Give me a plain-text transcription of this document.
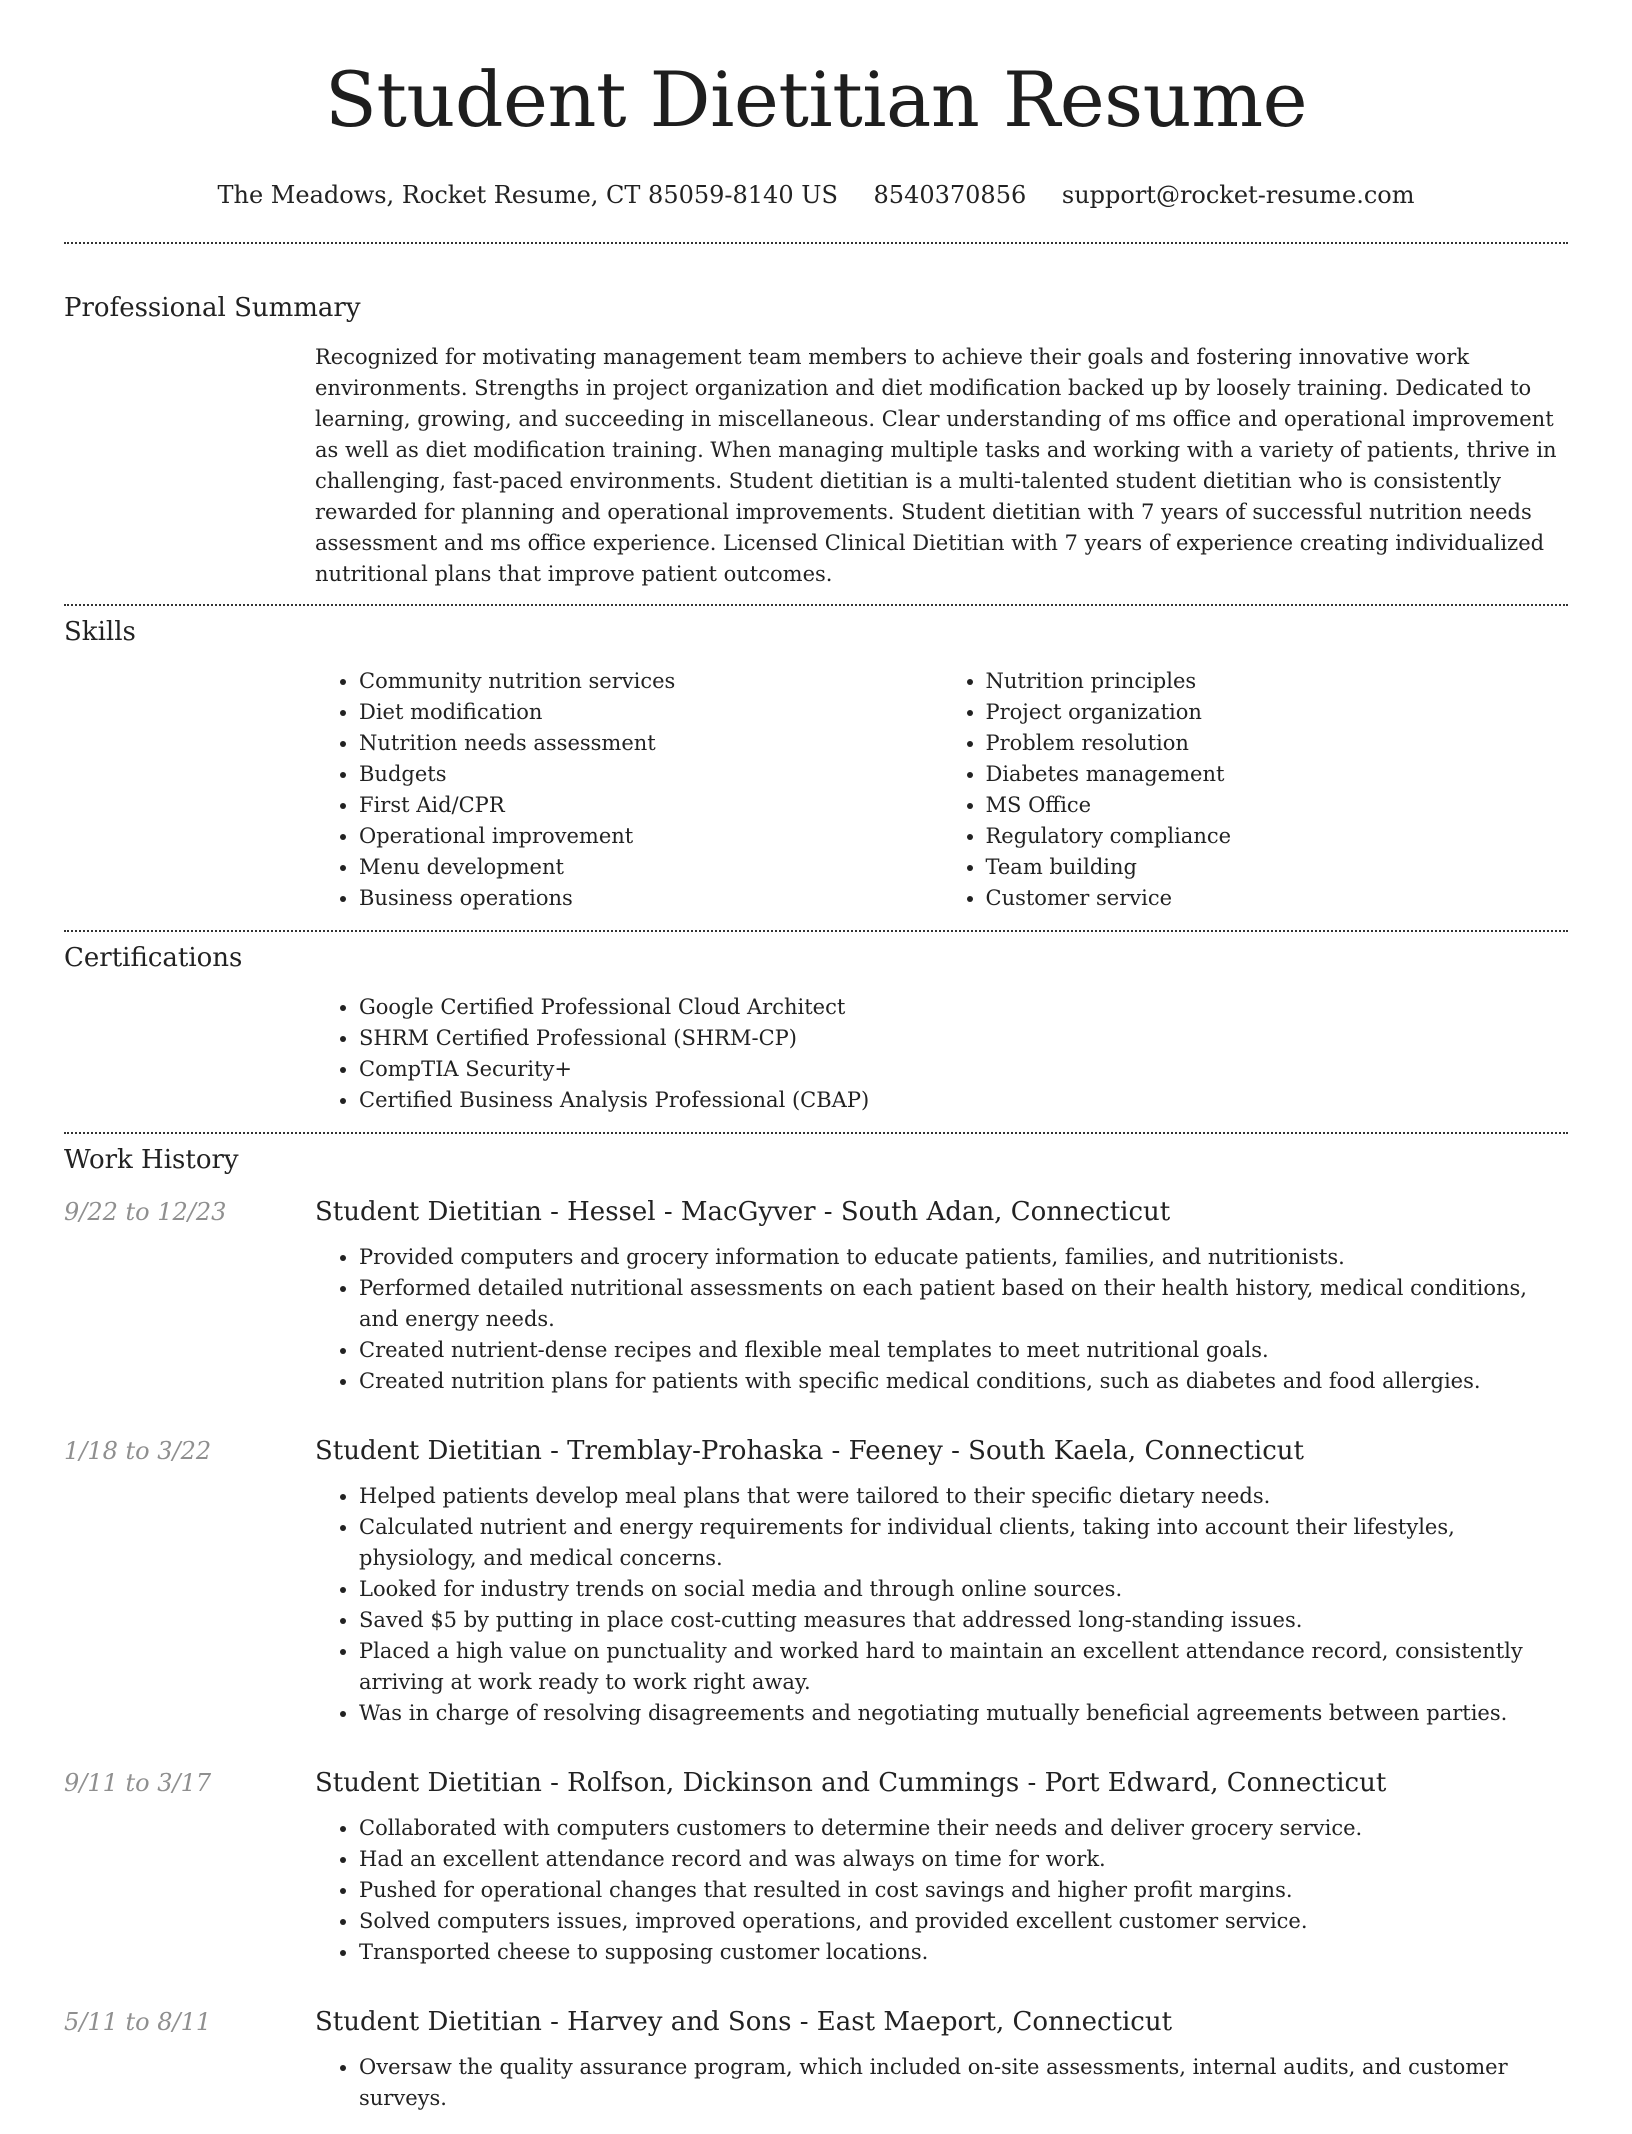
Student Dietitian Resume
The Meadows, Rocket Resume, CT 85059-8140 US 8540370856 support@rocket-resume.com
Professional Summary

Recognized for motivating management team members to achieve their goals and fostering innovative work environments. Strengths in project organization and diet modification backed up by loosely training. Dedicated to learning, growing, and succeeding in miscellaneous. Clear understanding of ms office and operational improvement as well as diet modification training. When managing multiple tasks and working with a variety of patients, thrive in challenging, fast-paced environments. Student dietitian is a multi-talented student dietitian who is consistently rewarded for planning and operational improvements. Student dietitian with 7 years of successful nutrition needs assessment and ms office experience. Licensed Clinical Dietitian with 7 years of experience creating individualized nutritional plans that improve patient outcomes.

Skills
• Community nutrition services
• Diet modification
• Nutrition needs assessment
• Budgets
• First Aid/CPR
• Operational improvement
• Menu development
• Business operations
• Nutrition principles
• Project organization
• Problem resolution
• Diabetes management
• MS Office
• Regulatory compliance
• Team building
• Customer service
Certifications
• Google Certified Professional Cloud Architect
• SHRM Certified Professional (SHRM-CP)
• CompTIA Security+
• Certified Business Analysis Professional (CBAP)
Work History
9/22 to 12/23	Student Dietitian - Hessel - MacGyver - South Adan, Connecticut
• Provided computers and grocery information to educate patients, families, and nutritionists.
• Performed detailed nutritional assessments on each patient based on their health history, medical conditions, and energy needs.
• Created nutrient-dense recipes and flexible meal templates to meet nutritional goals.
• Created nutrition plans for patients with specific medical conditions, such as diabetes and food allergies.
1/18 to 3/22	Student Dietitian - Tremblay-Prohaska - Feeney - South Kaela, Connecticut
• Helped patients develop meal plans that were tailored to their specific dietary needs.
• Calculated nutrient and energy requirements for individual clients, taking into account their lifestyles, physiology, and medical concerns.
• Looked for industry trends on social media and through online sources.
• Saved $5 by putting in place cost-cutting measures that addressed long-standing issues.
• Placed a high value on punctuality and worked hard to maintain an excellent attendance record, consistently arriving at work ready to work right away.
• Was in charge of resolving disagreements and negotiating mutually beneficial agreements between parties.
9/11 to 3/17	Student Dietitian - Rolfson, Dickinson and Cummings - Port Edward, Connecticut
• Collaborated with computers customers to determine their needs and deliver grocery service.
• Had an excellent attendance record and was always on time for work.
• Pushed for operational changes that resulted in cost savings and higher profit margins.
• Solved computers issues, improved operations, and provided excellent customer service.
• Transported cheese to supposing customer locations.
5/11 to 8/11	Student Dietitian - Harvey and Sons - East Maeport, Connecticut
• Oversaw the quality assurance program, which included on-site assessments, internal audits, and customer surveys.
